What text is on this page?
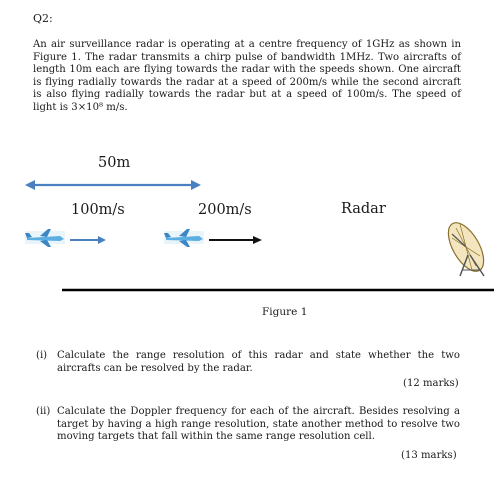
Q2:

An air surveillance radar is operating at a centre frequency of 1GHz as shown in Figure 1. The radar transmits a chirp pulse of bandwidth 1MHz. Two aircrafts of length 10m each are flying towards the radar with the speeds shown. One aircraft is flying radially towards the radar at a speed of 200m/s while the second aircraft is also flying radially towards the radar but at a speed of 100m/s. The speed of light is 3×10⁸ m/s.

50m
100m/s	200m/s	Radar
Figure 1
(i) Calculate the range resolution of this radar and state whether the two aircrafts can be resolved by the radar.
(12 marks)
(ii) Calculate the Doppler frequency for each of the aircraft. Besides resolving a target by having a high range resolution, state another method to resolve two moving targets that fall within the same range resolution cell.
(13 marks)
